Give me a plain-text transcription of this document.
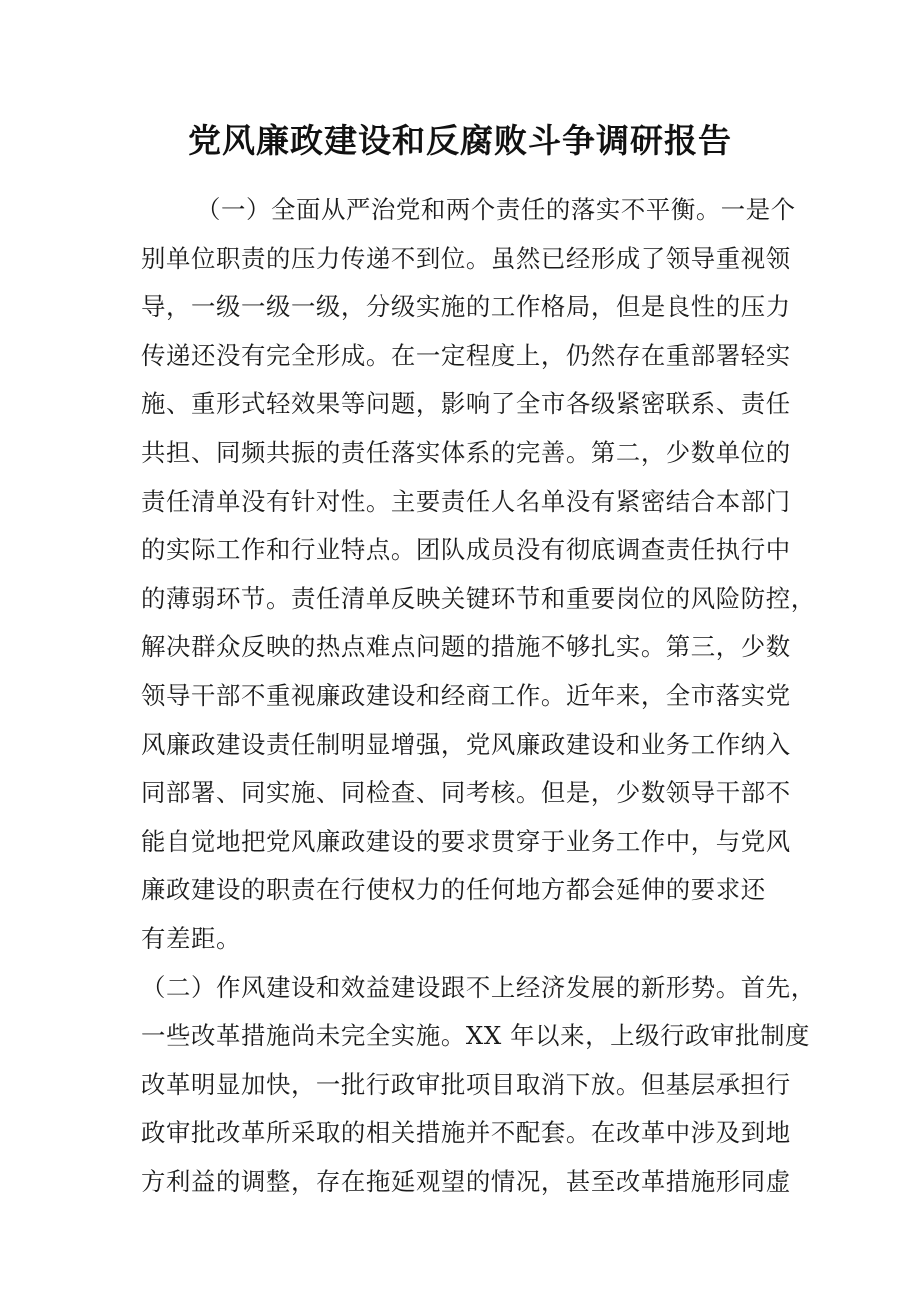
党风廉政建设和反腐败斗争调研报告
（一）全面从严治党和两个责任的落实不平衡。一是个
别单位职责的压力传递不到位。虽然已经形成了领导重视领
导，一级一级一级，分级实施的工作格局，但是良性的压力
传递还没有完全形成。在一定程度上，仍然存在重部署轻实
施、重形式轻效果等问题，影响了全市各级紧密联系、责任
共担、同频共振的责任落实体系的完善。第二，少数单位的
责任清单没有针对性。主要责任人名单没有紧密结合本部门
的实际工作和行业特点。团队成员没有彻底调查责任执行中
的薄弱环节。责任清单反映关键环节和重要岗位的风险防控，
解决群众反映的热点难点问题的措施不够扎实。第三，少数
领导干部不重视廉政建设和经商工作。近年来，全市落实党
风廉政建设责任制明显增强，党风廉政建设和业务工作纳入
同部署、同实施、同检查、同考核。但是，少数领导干部不
能自觉地把党风廉政建设的要求贯穿于业务工作中，与党风
廉政建设的职责在行使权力的任何地方都会延伸的要求还
有差距。
（二）作风建设和效益建设跟不上经济发展的新形势。首先，
一些改革措施尚未完全实施。XX 年以来，上级行政审批制度
改革明显加快，一批行政审批项目取消下放。但基层承担行
政审批改革所采取的相关措施并不配套。在改革中涉及到地
方利益的调整，存在拖延观望的情况，甚至改革措施形同虚
